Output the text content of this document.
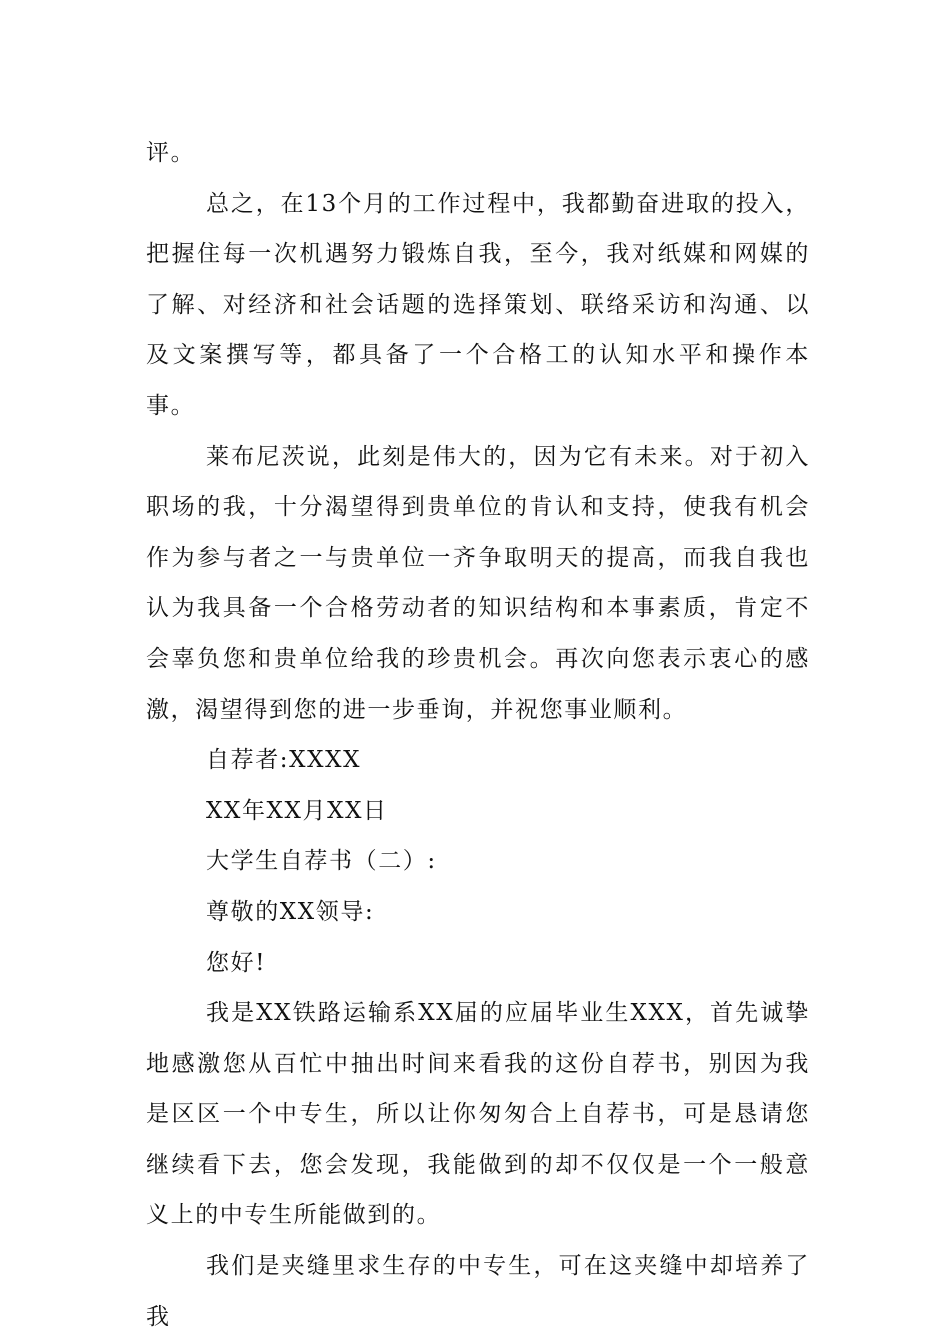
评。

总之，在13个月的工作过程中，我都勤奋进取的投入，把握住每一次机遇努力锻炼自我，至今，我对纸媒和网媒的了解、对经济和社会话题的选择策划、联络采访和沟通、以及文案撰写等，都具备了一个合格工的认知水平和操作本事。

莱布尼茨说，此刻是伟大的，因为它有未来。对于初入职场的我，十分渴望得到贵单位的肯认和支持，使我有机会作为参与者之一与贵单位一齐争取明天的提高，而我自我也认为我具备一个合格劳动者的知识结构和本事素质，肯定不会辜负您和贵单位给我的珍贵机会。再次向您表示衷心的感激，渴望得到您的进一步垂询，并祝您事业顺利。

自荐者:XXXX

XX年XX月XX日

大学生自荐书（二）:

尊敬的XX领导:

您好!

我是XX铁路运输系XX届的应届毕业生XXX，首先诚挚地感激您从百忙中抽出时间来看我的这份自荐书，别因为我是区区一个中专生，所以让你匆匆合上自荐书，可是恳请您继续看下去，您会发现，我能做到的却不仅仅是一个一般意义上的中专生所能做到的。

我们是夹缝里求生存的中专生，可在这夹缝中却培养了我
